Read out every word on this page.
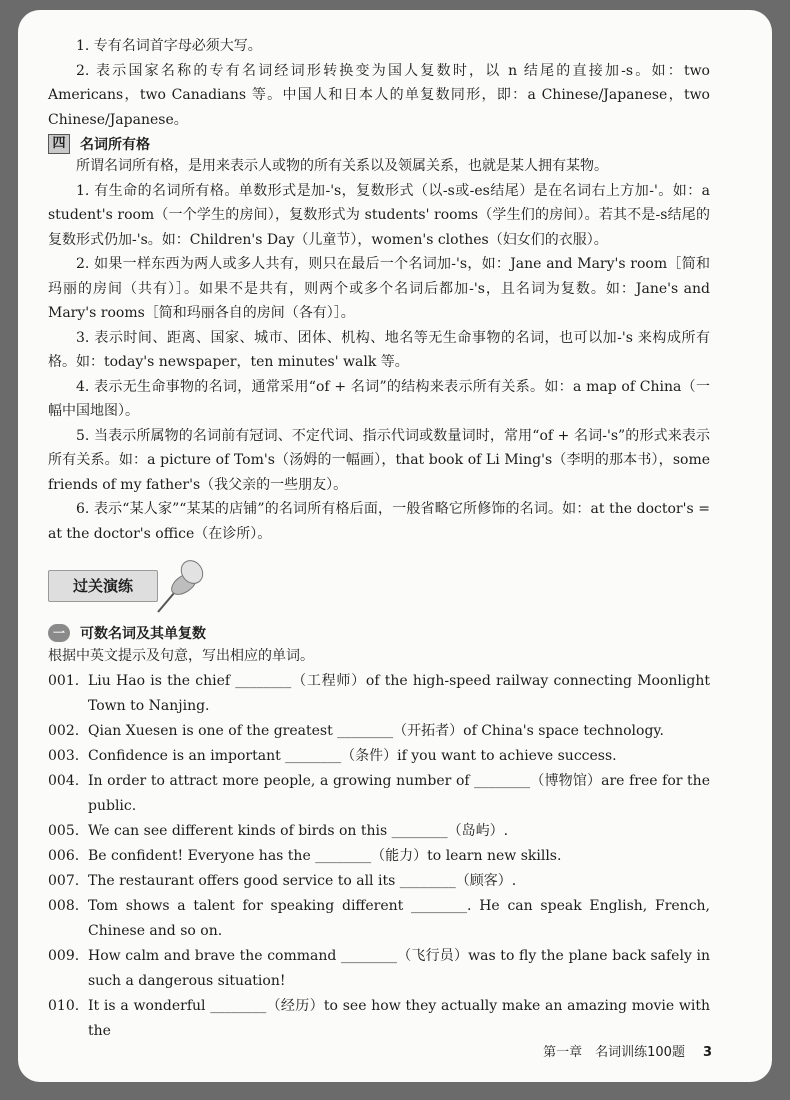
1. 专有名词首字母必须大写。

2. 表示国家名称的专有名词经词形转换变为国人复数时，以 n 结尾的直接加-s。如：two Americans，two Canadians 等。中国人和日本人的单复数同形，即：a Chinese/Japanese，two Chinese/Japanese。

四	名词所有格

所谓名词所有格，是用来表示人或物的所有关系以及领属关系，也就是某人拥有某物。

1. 有生命的名词所有格。单数形式是加-'s，复数形式（以-s或-es结尾）是在名词右上方加-'。如：a student's room（一个学生的房间），复数形式为 students' rooms（学生们的房间）。若其不是-s结尾的复数形式仍加-'s。如：Children's Day（儿童节），women's clothes（妇女们的衣服）。

2. 如果一样东西为两人或多人共有，则只在最后一个名词加-'s，如：Jane and Mary's room［简和玛丽的房间（共有）］。如果不是共有，则两个或多个名词后都加-'s，且名词为复数。如：Jane's and Mary's rooms［简和玛丽各自的房间（各有）］。

3. 表示时间、距离、国家、城市、团体、机构、地名等无生命事物的名词，也可以加-'s 来构成所有格。如：today's newspaper，ten minutes' walk 等。

4. 表示无生命事物的名词，通常采用“of + 名词”的结构来表示所有关系。如：a map of China（一幅中国地图）。

5. 当表示所属物的名词前有冠词、不定代词、指示代词或数量词时，常用“of + 名词-'s”的形式来表示所有关系。如：a picture of Tom's（汤姆的一幅画），that book of Li Ming's（李明的那本书），some friends of my father's（我父亲的一些朋友）。

6. 表示“某人家”“某某的店铺”的名词所有格后面，一般省略它所修饰的名词。如：at the doctor's = at the doctor's office（在诊所）。

过关演练
一	可数名词及其单复数

根据中英文提示及句意，写出相应的单词。

001. Liu Hao is the chief ________（工程师）of the high-speed railway connecting Moonlight Town to Nanjing.
002. Qian Xuesen is one of the greatest ________（开拓者）of China's space technology.
003. Confidence is an important ________（条件）if you want to achieve success.
004. In order to attract more people, a growing number of ________（博物馆）are free for the public.
005. We can see different kinds of birds on this ________（岛屿）.
006. Be confident! Everyone has the ________（能力）to learn new skills.
007. The restaurant offers good service to all its ________（顾客）.
008. Tom shows a talent for speaking different ________. He can speak English, French, Chinese and so on.
009. How calm and brave the command ________（飞行员）was to fly the plane back safely in such a dangerous situation!
010. It is a wonderful ________（经历）to see how they actually make an amazing movie with the
第一章　名词训练100题 3
